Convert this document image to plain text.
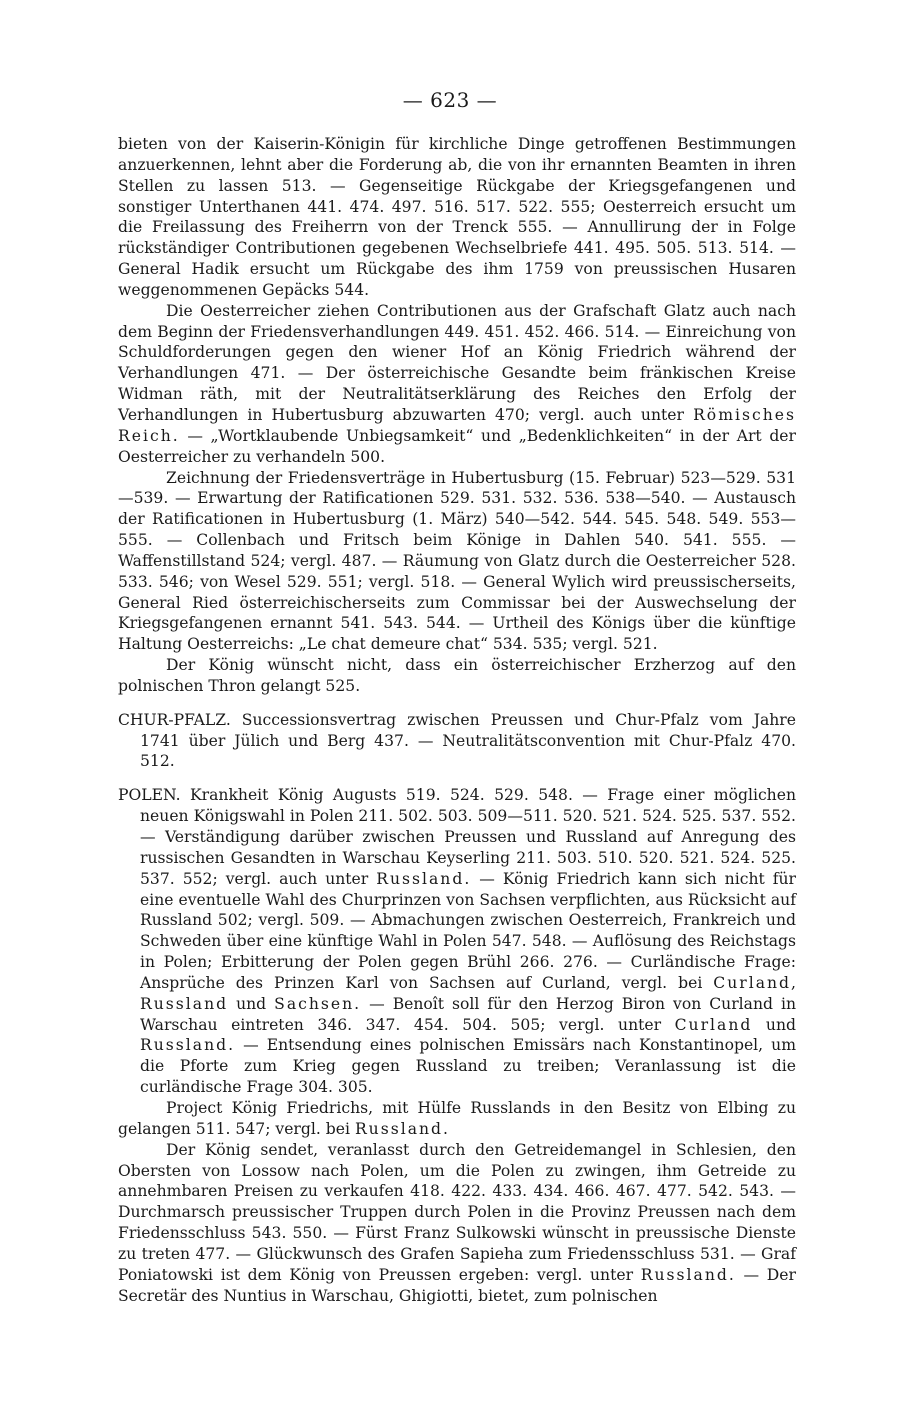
— 623 —

bieten von der Kaiserin-Königin für kirchliche Dinge getroffenen Bestimmungen anzuerkennen, lehnt aber die Forderung ab, die von ihr ernannten Beamten in ihren Stellen zu lassen 513. — Gegenseitige Rückgabe der Kriegsgefangenen und sonstiger Unterthanen 441. 474. 497. 516. 517. 522. 555; Oesterreich ersucht um die Freilassung des Freiherrn von der Trenck 555. — Annullirung der in Folge rückständiger Contributionen gegebenen Wechselbriefe 441. 495. 505. 513. 514. — General Hadik ersucht um Rückgabe des ihm 1759 von preussischen Husaren weggenommenen Gepäcks 544.

Die Oesterreicher ziehen Contributionen aus der Grafschaft Glatz auch nach dem Beginn der Friedensverhandlungen 449. 451. 452. 466. 514. — Einreichung von Schuldforderungen gegen den wiener Hof an König Friedrich während der Verhandlungen 471. — Der österreichische Gesandte beim fränkischen Kreise Widman räth, mit der Neutralitätserklärung des Reiches den Erfolg der Verhandlungen in Hubertusburg abzuwarten 470; vergl. auch unter Römisches Reich. — „Wortklaubende Unbiegsamkeit“ und „Bedenklichkeiten“ in der Art der Oesterreicher zu verhandeln 500.

Zeichnung der Friedensverträge in Hubertusburg (15. Februar) 523—529. 531—539. — Erwartung der Ratificationen 529. 531. 532. 536. 538—540. — Austausch der Ratificationen in Hubertusburg (1. März) 540—542. 544. 545. 548. 549. 553—555. — Collenbach und Fritsch beim Könige in Dahlen 540. 541. 555. — Waffenstillstand 524; vergl. 487. — Räumung von Glatz durch die Oesterreicher 528. 533. 546; von Wesel 529. 551; vergl. 518. — General Wylich wird preussischerseits, General Ried österreichischerseits zum Commissar bei der Auswechselung der Kriegsgefangenen ernannt 541. 543. 544. — Urtheil des Königs über die künftige Haltung Oesterreichs: „Le chat demeure chat“ 534. 535; vergl. 521.

Der König wünscht nicht, dass ein österreichischer Erzherzog auf den polnischen Thron gelangt 525.

CHUR-PFALZ. Successionsvertrag zwischen Preussen und Chur-Pfalz vom Jahre 1741 über Jülich und Berg 437. — Neutralitätsconvention mit Chur-Pfalz 470. 512.

POLEN. Krankheit König Augusts 519. 524. 529. 548. — Frage einer möglichen neuen Königswahl in Polen 211. 502. 503. 509—511. 520. 521. 524. 525. 537. 552. — Verständigung darüber zwischen Preussen und Russland auf Anregung des russischen Gesandten in Warschau Keyserling 211. 503. 510. 520. 521. 524. 525. 537. 552; vergl. auch unter Russland. — König Friedrich kann sich nicht für eine eventuelle Wahl des Churprinzen von Sachsen verpflichten, aus Rücksicht auf Russland 502; vergl. 509. — Abmachungen zwischen Oesterreich, Frankreich und Schweden über eine künftige Wahl in Polen 547. 548. — Auflösung des Reichstags in Polen; Erbitterung der Polen gegen Brühl 266. 276. — Curländische Frage: Ansprüche des Prinzen Karl von Sachsen auf Curland, vergl. bei Curland, Russland und Sachsen. — Benoît soll für den Herzog Biron von Curland in Warschau eintreten 346. 347. 454. 504. 505; vergl. unter Curland und Russland. — Entsendung eines polnischen Emissärs nach Konstantinopel, um die Pforte zum Krieg gegen Russland zu treiben; Veranlassung ist die curländische Frage 304. 305.

Project König Friedrichs, mit Hülfe Russlands in den Besitz von Elbing zu gelangen 511. 547; vergl. bei Russland.

Der König sendet, veranlasst durch den Getreidemangel in Schlesien, den Obersten von Lossow nach Polen, um die Polen zu zwingen, ihm Getreide zu annehmbaren Preisen zu verkaufen 418. 422. 433. 434. 466. 467. 477. 542. 543. — Durchmarsch preussischer Truppen durch Polen in die Provinz Preussen nach dem Friedensschluss 543. 550. — Fürst Franz Sulkowski wünscht in preussische Dienste zu treten 477. — Glückwunsch des Grafen Sapieha zum Friedensschluss 531. — Graf Poniatowski ist dem König von Preussen ergeben: vergl. unter Russland. — Der Secretär des Nuntius in Warschau, Ghigiotti, bietet, zum polnischen
